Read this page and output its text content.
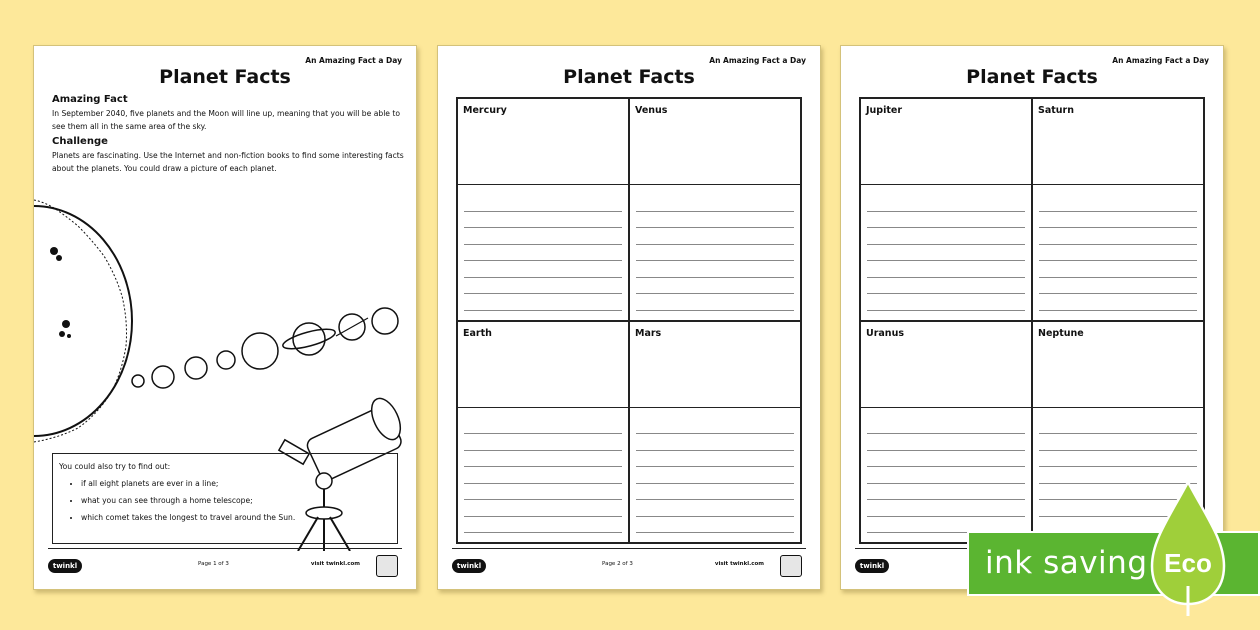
An Amazing Fact a Day
Planet Facts
Amazing Fact
In September 2040, five planets and the Moon will line up, meaning that you will be able to see them all in the same area of the sky.
Challenge
Planets are fascinating. Use the Internet and non-fiction books to find some interesting facts about the planets. You could draw a picture of each planet.
You could also try to find out:
• if all eight planets are ever in a line;
• what you can see through a home telescope;
• which comet takes the longest to travel around the Sun.
twinkl	Page 1 of 3	visit twinkl.com
An Amazing Fact a Day
Planet Facts
Mercury	Venus
Earth	Mars
twinkl	Page 2 of 3	visit twinkl.com
An Amazing Fact a Day
Planet Facts
Jupiter	Saturn
Uranus	Neptune
twinkl	ink saving Eco
